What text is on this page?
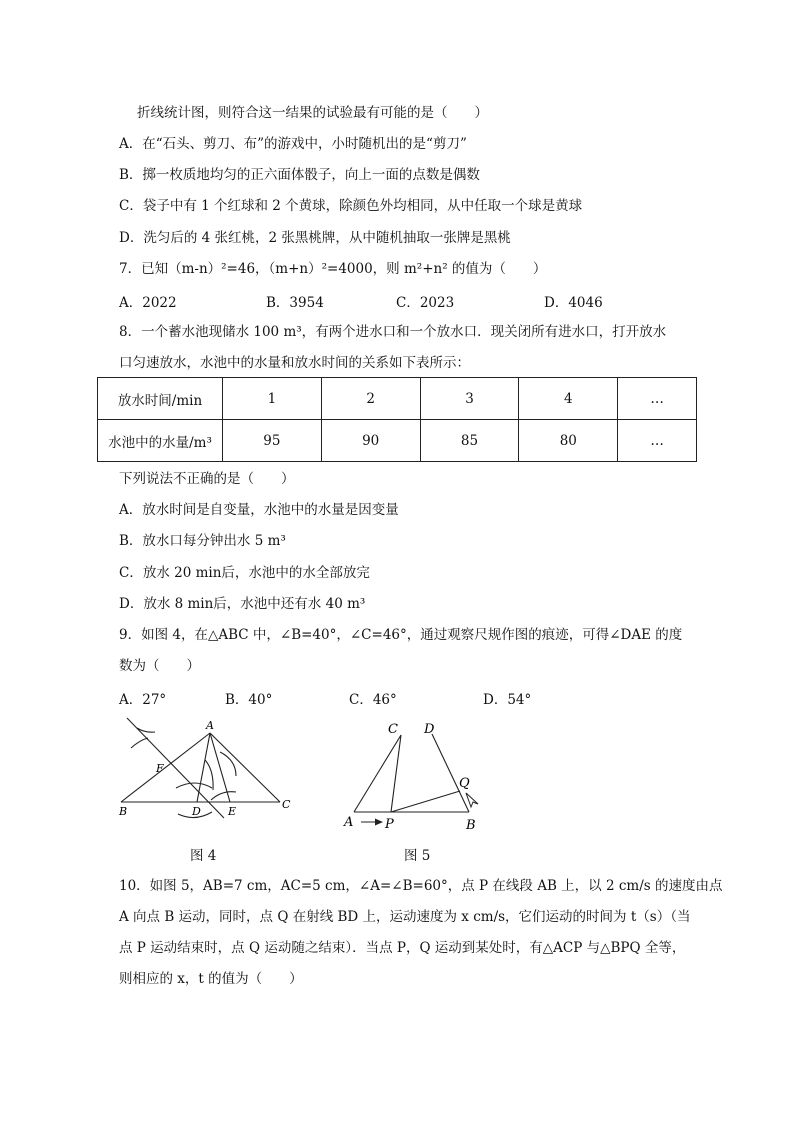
折线统计图，则符合这一结果的试验最有可能的是（　　）
A．在“石头、剪刀、布”的游戏中，小时随机出的是“剪刀”
B．掷一枚质地均匀的正六面体骰子，向上一面的点数是偶数
C．袋子中有 1 个红球和 2 个黄球，除颜色外均相同，从中任取一个球是黄球
D．洗匀后的 4 张红桃，2 张黑桃牌，从中随机抽取一张牌是黑桃
7．已知（m-n）²=46，（m+n）²=4000，则 m²+n² 的值为（　　）
A．2022	B．3954	C．2023	D．4046
8．一个蓄水池现储水 100 m³，有两个进水口和一个放水口．现关闭所有进水口，打开放水
口匀速放水，水池中的水量和放水时间的关系如下表所示：
放水时间/min	1	2	3	4	…
水池中的水量/m³	95	90	85	80	…
下列说法不正确的是（　　）
A．放水时间是自变量，水池中的水量是因变量
B．放水口每分钟出水 5 m³
C．放水 20 min后，水池中的水全部放完
D．放水 8 min后，水池中还有水 40 m³
9．如图 4，在△ABC 中，∠B=40°，∠C=46°，通过观察尺规作图的痕迹，可得∠DAE 的度
数为（　　）
A．27°	B．40°	C．46°	D．54°
A
B
C
D E
F
图 4
C D
Q
A P	B
图 5
10．如图 5，AB=7 cm，AC=5 cm，∠A=∠B=60°，点 P 在线段 AB 上，以 2 cm/s 的速度由点
A 向点 B 运动，同时，点 Q 在射线 BD 上，运动速度为 x cm/s，它们运动的时间为 t（s）（当
点 P 运动结束时，点 Q 运动随之结束）．当点 P，Q 运动到某处时，有△ACP 与△BPQ 全等，
则相应的 x，t 的值为（　　）
